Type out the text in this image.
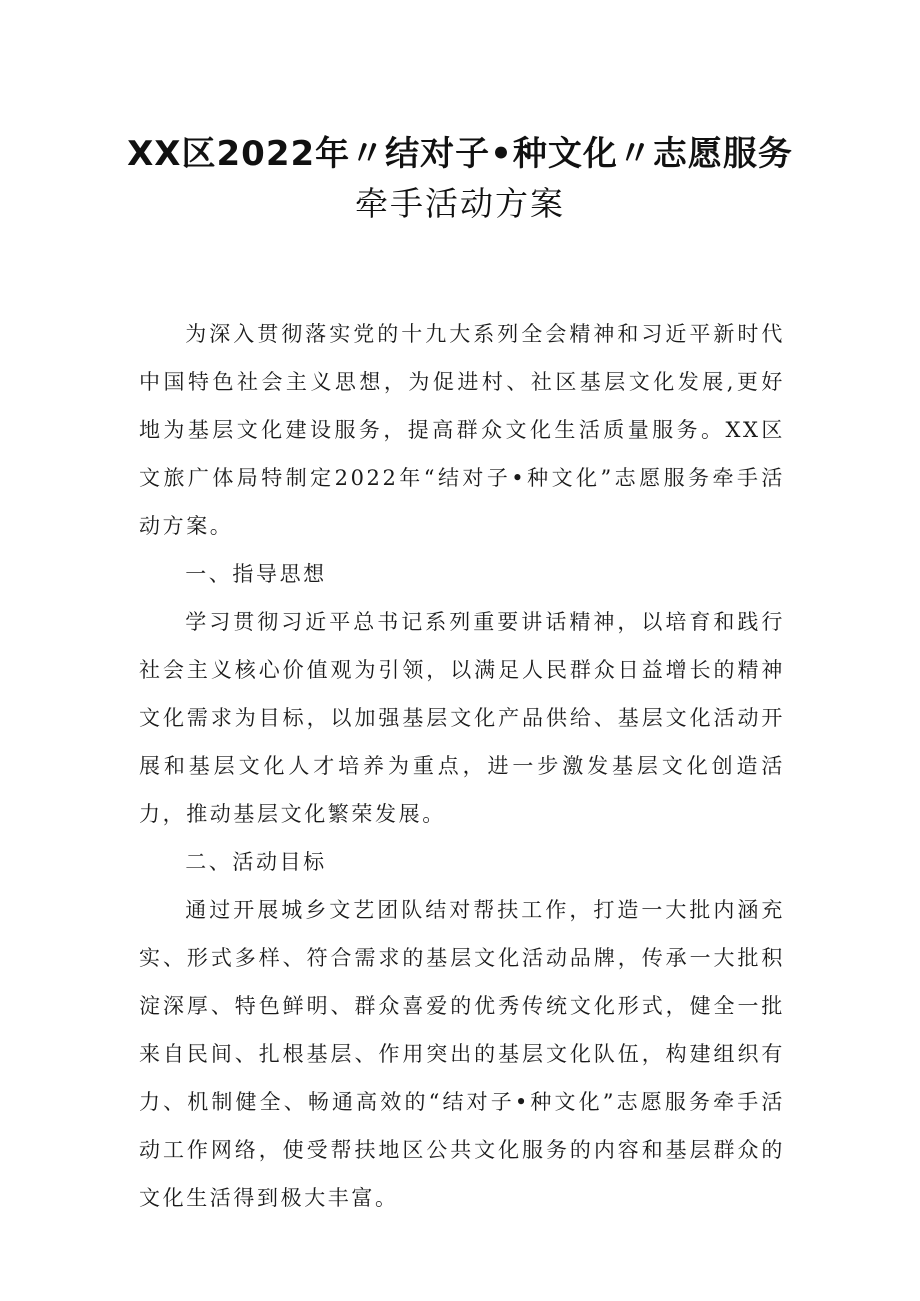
XX区2022年〃结对子•种文化〃志愿服务
牵手活动方案

为深入贯彻落实党的十九大系列全会精神和习近平新时代中国特色社会主义思想，为促进村、社区基层文化发展,更好地为基层文化建设服务，提高群众文化生活质量服务。XX区文旅广体局特制定2022年“结对子•种文化”志愿服务牵手活动方案。

一、指导思想

学习贯彻习近平总书记系列重要讲话精神，以培育和践行社会主义核心价值观为引领，以满足人民群众日益增长的精神文化需求为目标，以加强基层文化产品供给、基层文化活动开展和基层文化人才培养为重点，进一步激发基层文化创造活力，推动基层文化繁荣发展。

二、活动目标

通过开展城乡文艺团队结对帮扶工作，打造一大批内涵充实、形式多样、符合需求的基层文化活动品牌，传承一大批积淀深厚、特色鲜明、群众喜爱的优秀传统文化形式，健全一批来自民间、扎根基层、作用突出的基层文化队伍，构建组织有力、机制健全、畅通高效的“结对子•种文化”志愿服务牵手活动工作网络，使受帮扶地区公共文化服务的内容和基层群众的文化生活得到极大丰富。
